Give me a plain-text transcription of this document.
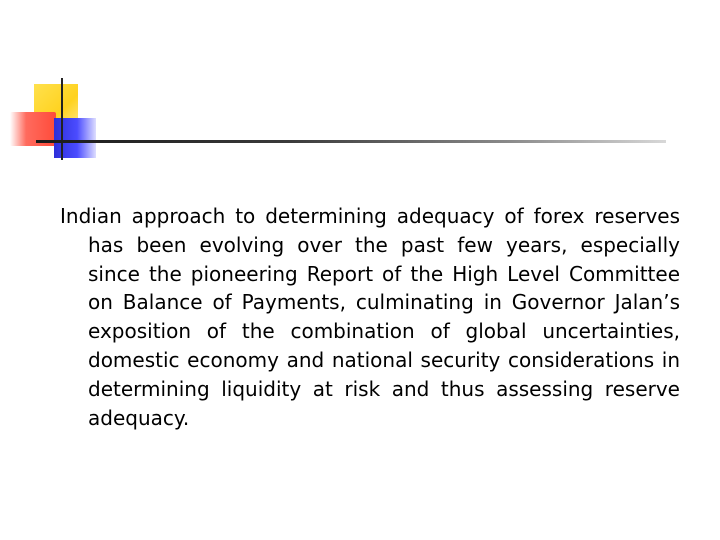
Indian approach to determining adequacy of forex reserves has been evolving over the past few years, especially since the pioneering Report of the High Level Committee on Balance of Payments, culminating in Governor Jalan’s exposition of the combination of global uncertainties, domestic economy and national security considerations in determining liquidity at risk and thus assessing reserve adequacy.
